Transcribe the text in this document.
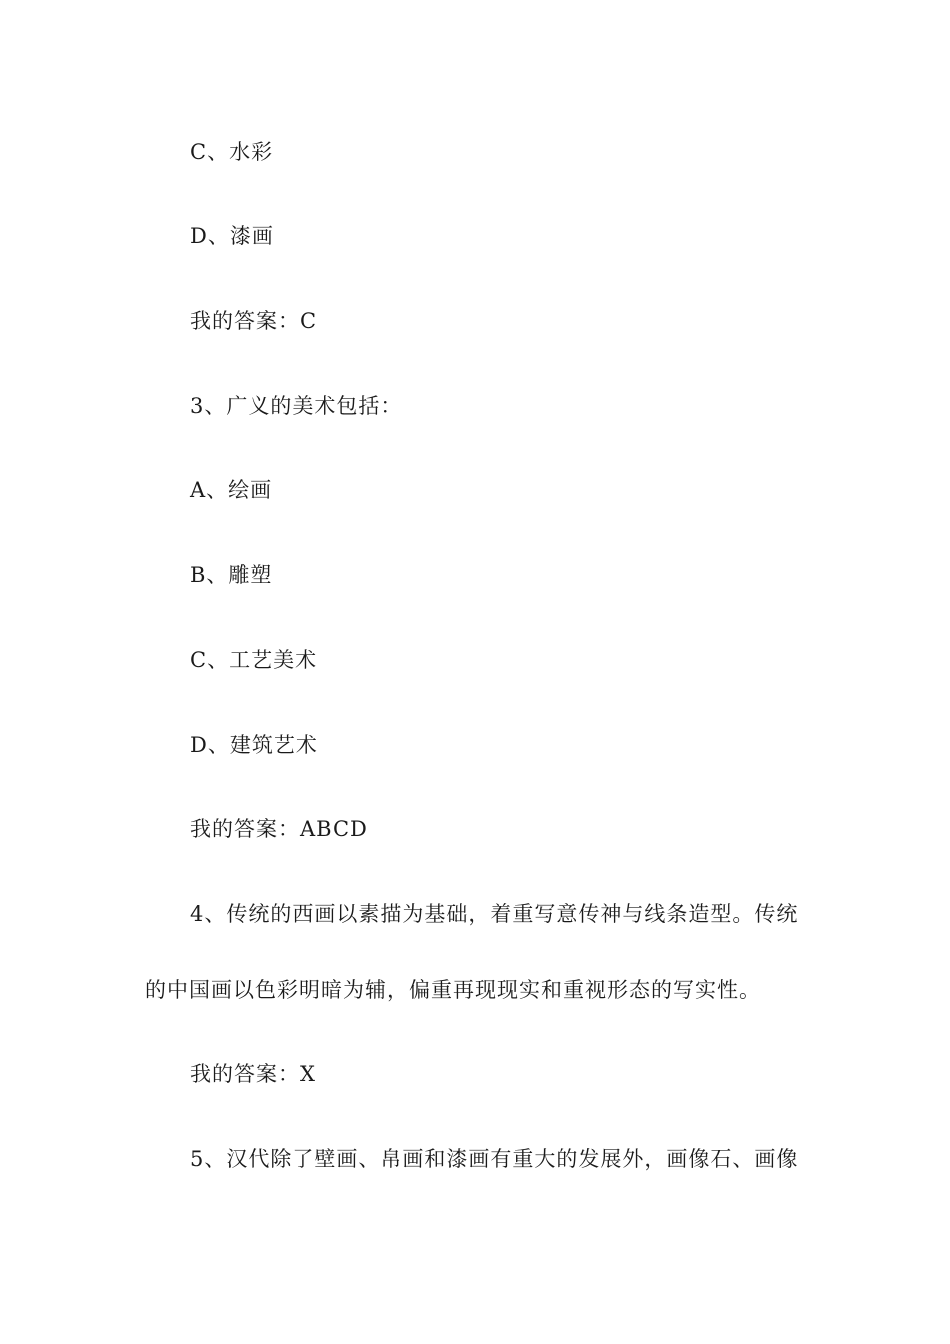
C、水彩
D、漆画
我的答案：C
3、广义的美术包括：
A、绘画
B、雕塑
C、工艺美术
D、建筑艺术
我的答案：ABCD
4、传统的西画以素描为基础，着重写意传神与线条造型。传统
的中国画以色彩明暗为辅，偏重再现现实和重视形态的写实性。
我的答案：X
5、汉代除了壁画、帛画和漆画有重大的发展外，画像石、画像
